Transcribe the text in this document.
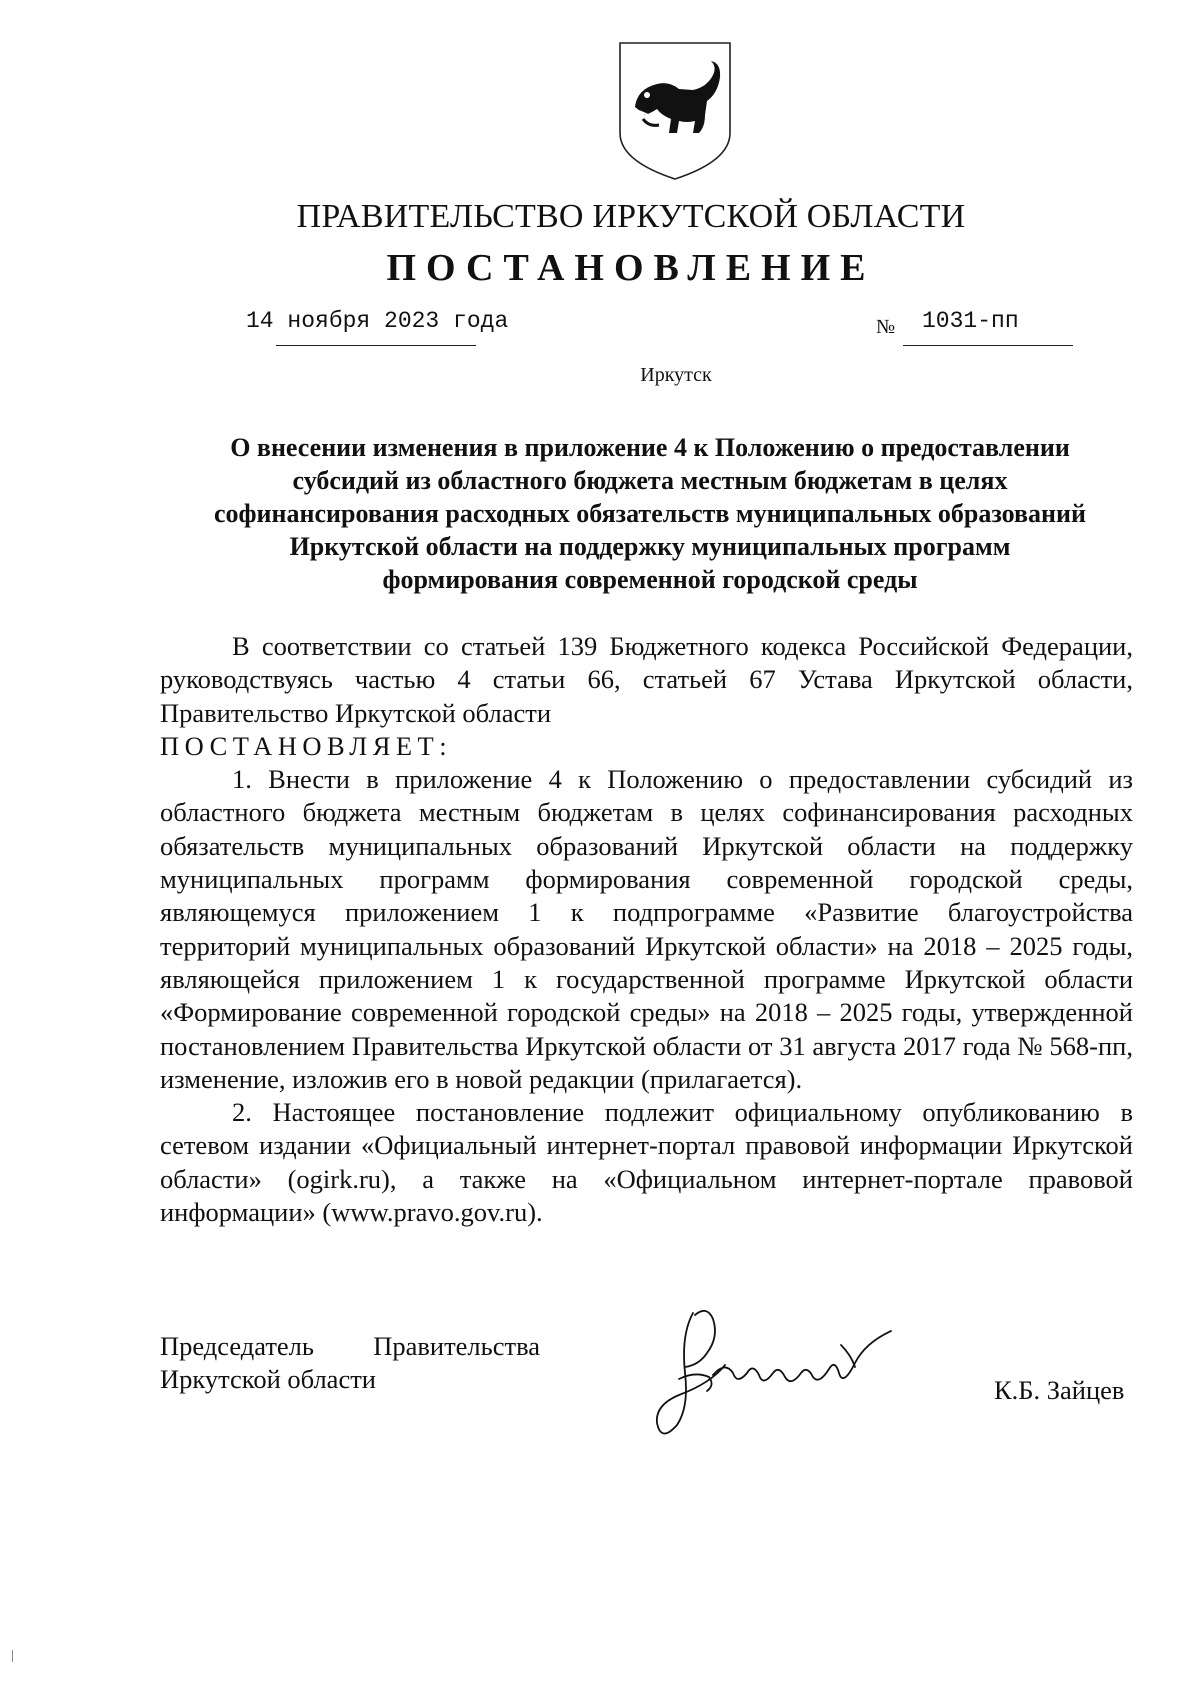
ПРАВИТЕЛЬСТВО ИРКУТСКОЙ ОБЛАСТИ
ПОСТАНОВЛЕНИЕ
14 ноября 2023 года	№ 1031-пп
Иркутск
О внесении изменения в приложение 4 к Положению о предоставлении
субсидий из областного бюджета местным бюджетам в целях
софинансирования расходных обязательств муниципальных образований
Иркутской области на поддержку муниципальных программ
формирования современной городской среды

В соответствии со статьей 139 Бюджетного кодекса Российской Федерации, руководствуясь частью 4 статьи 66, статьей 67 Устава Иркутской области, Правительство Иркутской области

ПОСТАНОВЛЯЕТ:

1. Внести в приложение 4 к Положению о предоставлении субсидий из областного бюджета местным бюджетам в целях софинансирования расходных обязательств муниципальных образований Иркутской области на поддержку муниципальных программ формирования современной городской среды, являющемуся приложением 1 к подпрограмме «Развитие благоустройства территорий муниципальных образований Иркутской области» на 2018 – 2025 годы, являющейся приложением 1 к государственной программе Иркутской области «Формирование современной городской среды» на 2018 – 2025 годы, утвержденной постановлением Правительства Иркутской области от 31 августа 2017 года № 568-пп, изменение, изложив его в новой редакции (прилагается).

2. Настоящее постановление подлежит официальному опубликованию в сетевом издании «Официальный интернет-портал правовой информации Иркутской области» (ogirk.ru), а также на «Официальном интернет-портале правовой информации» (www.pravo.gov.ru).

Председатель Правительства
Иркутской области	К.Б. Зайцев
